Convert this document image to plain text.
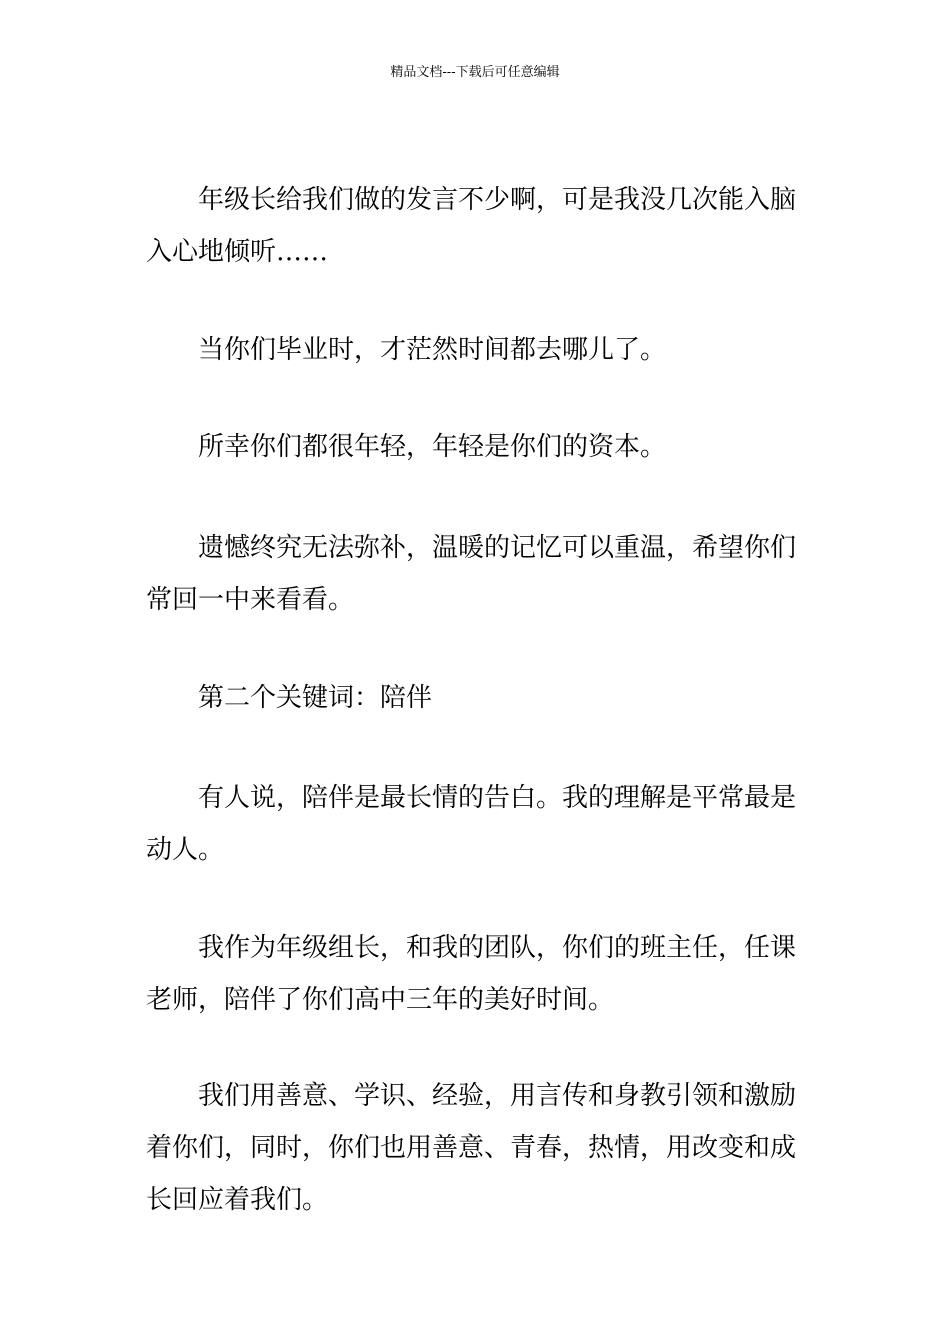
精品文档---下载后可任意编辑

年级长给我们做的发言不少啊，可是我没几次能入脑入心地倾听……

当你们毕业时，才茫然时间都去哪儿了。

所幸你们都很年轻，年轻是你们的资本。

遗憾终究无法弥补，温暖的记忆可以重温，希望你们常回一中来看看。

第二个关键词：陪伴

有人说，陪伴是最长情的告白。我的理解是平常最是动人。

我作为年级组长，和我的团队，你们的班主任，任课老师，陪伴了你们高中三年的美好时间。

我们用善意、学识、经验，用言传和身教引领和激励着你们，同时，你们也用善意、青春，热情，用改变和成长回应着我们。
